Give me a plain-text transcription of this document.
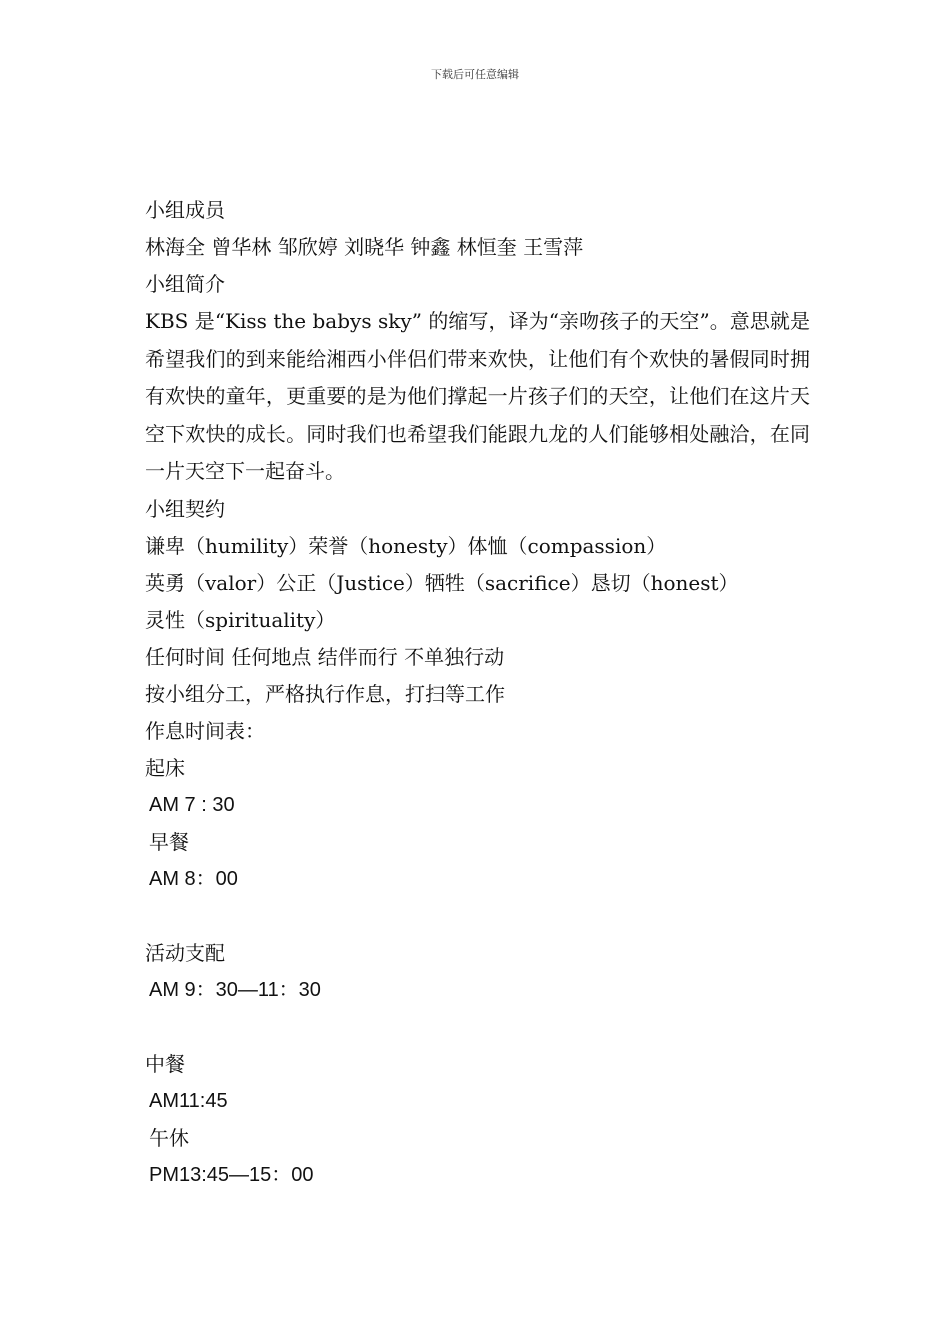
下载后可任意编辑
小组成员
林海全 曾华林 邹欣婷 刘晓华 钟鑫 林恒奎 王雪萍
小组简介
KBS 是“Kiss the babys sky” 的缩写，译为“亲吻孩子的天空”。意思就是希望我们的到来能给湘西小伴侣们带来欢快，让他们有个欢快的暑假同时拥有欢快的童年，更重要的是为他们撑起一片孩子们的天空，让他们在这片天空下欢快的成长。同时我们也希望我们能跟九龙的人们能够相处融洽，在同一片天空下一起奋斗。
小组契约
谦卑（humility）荣誉（honesty）体恤（compassion）
英勇（valor）公正（Justice）牺牲（sacrifice）恳切（honest）
灵性（spirituality）
任何时间 任何地点 结伴而行 不单独行动
按小组分工，严格执行作息，打扫等工作
作息时间表：
起床
AM 7 : 30
早餐
AM 8：00
活动支配
AM 9：30—11：30
中餐
AM11:45
午休
PM13:45—15：00
